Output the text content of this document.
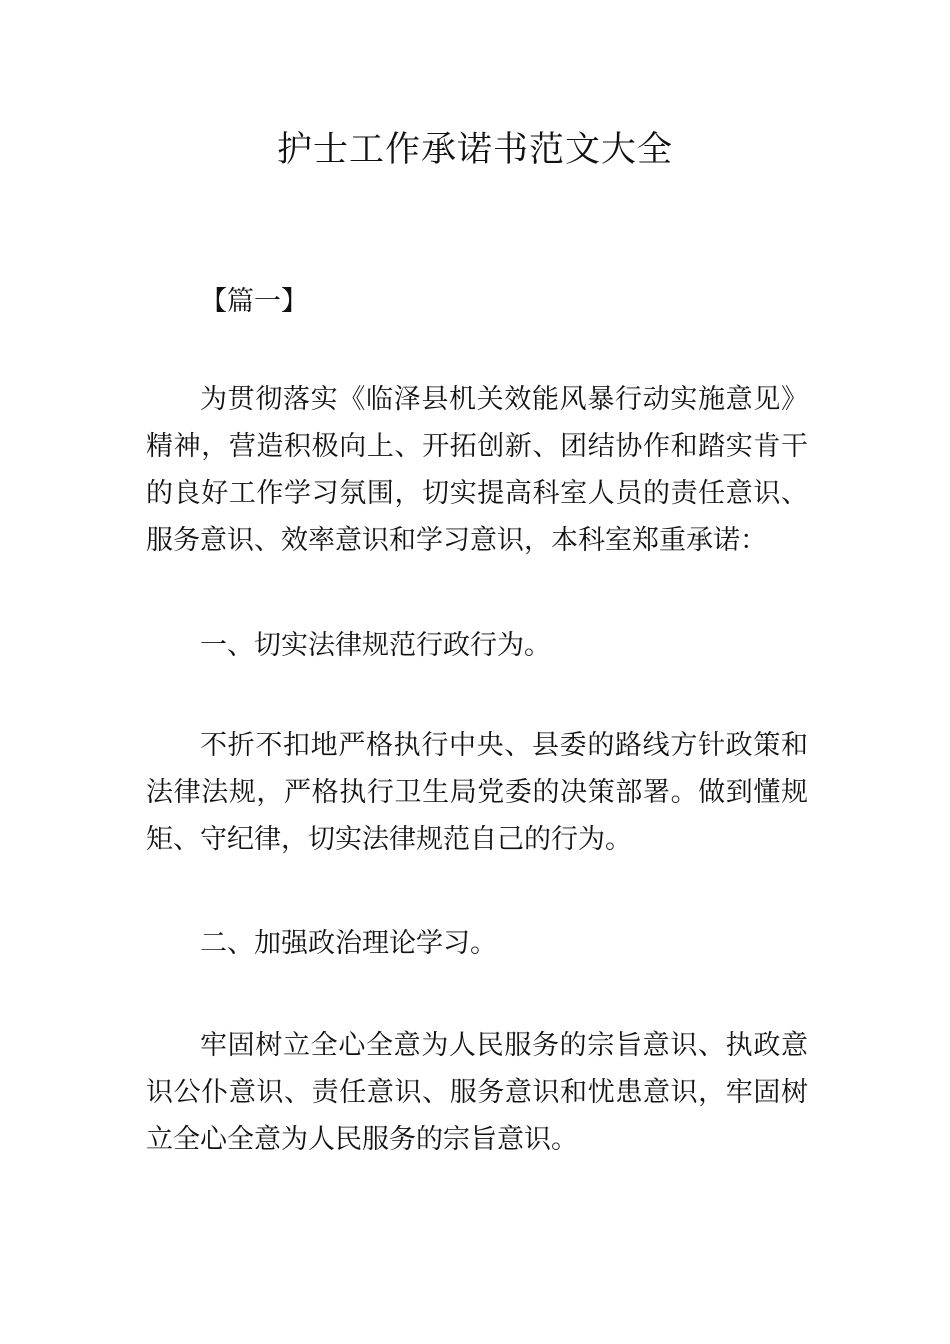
护士工作承诺书范文大全

【篇一】

为贯彻落实《临泽县机关效能风暴行动实施意见》精神，营造积极向上、开拓创新、团结协作和踏实肯干的良好工作学习氛围，切实提高科室人员的责任意识、服务意识、效率意识和学习意识，本科室郑重承诺：

一、切实法律规范行政行为。

不折不扣地严格执行中央、县委的路线方针政策和法律法规，严格执行卫生局党委的决策部署。做到懂规矩、守纪律，切实法律规范自己的行为。

二、加强政治理论学习。

牢固树立全心全意为人民服务的宗旨意识、执政意识公仆意识、责任意识、服务意识和忧患意识，牢固树立全心全意为人民服务的宗旨意识。
